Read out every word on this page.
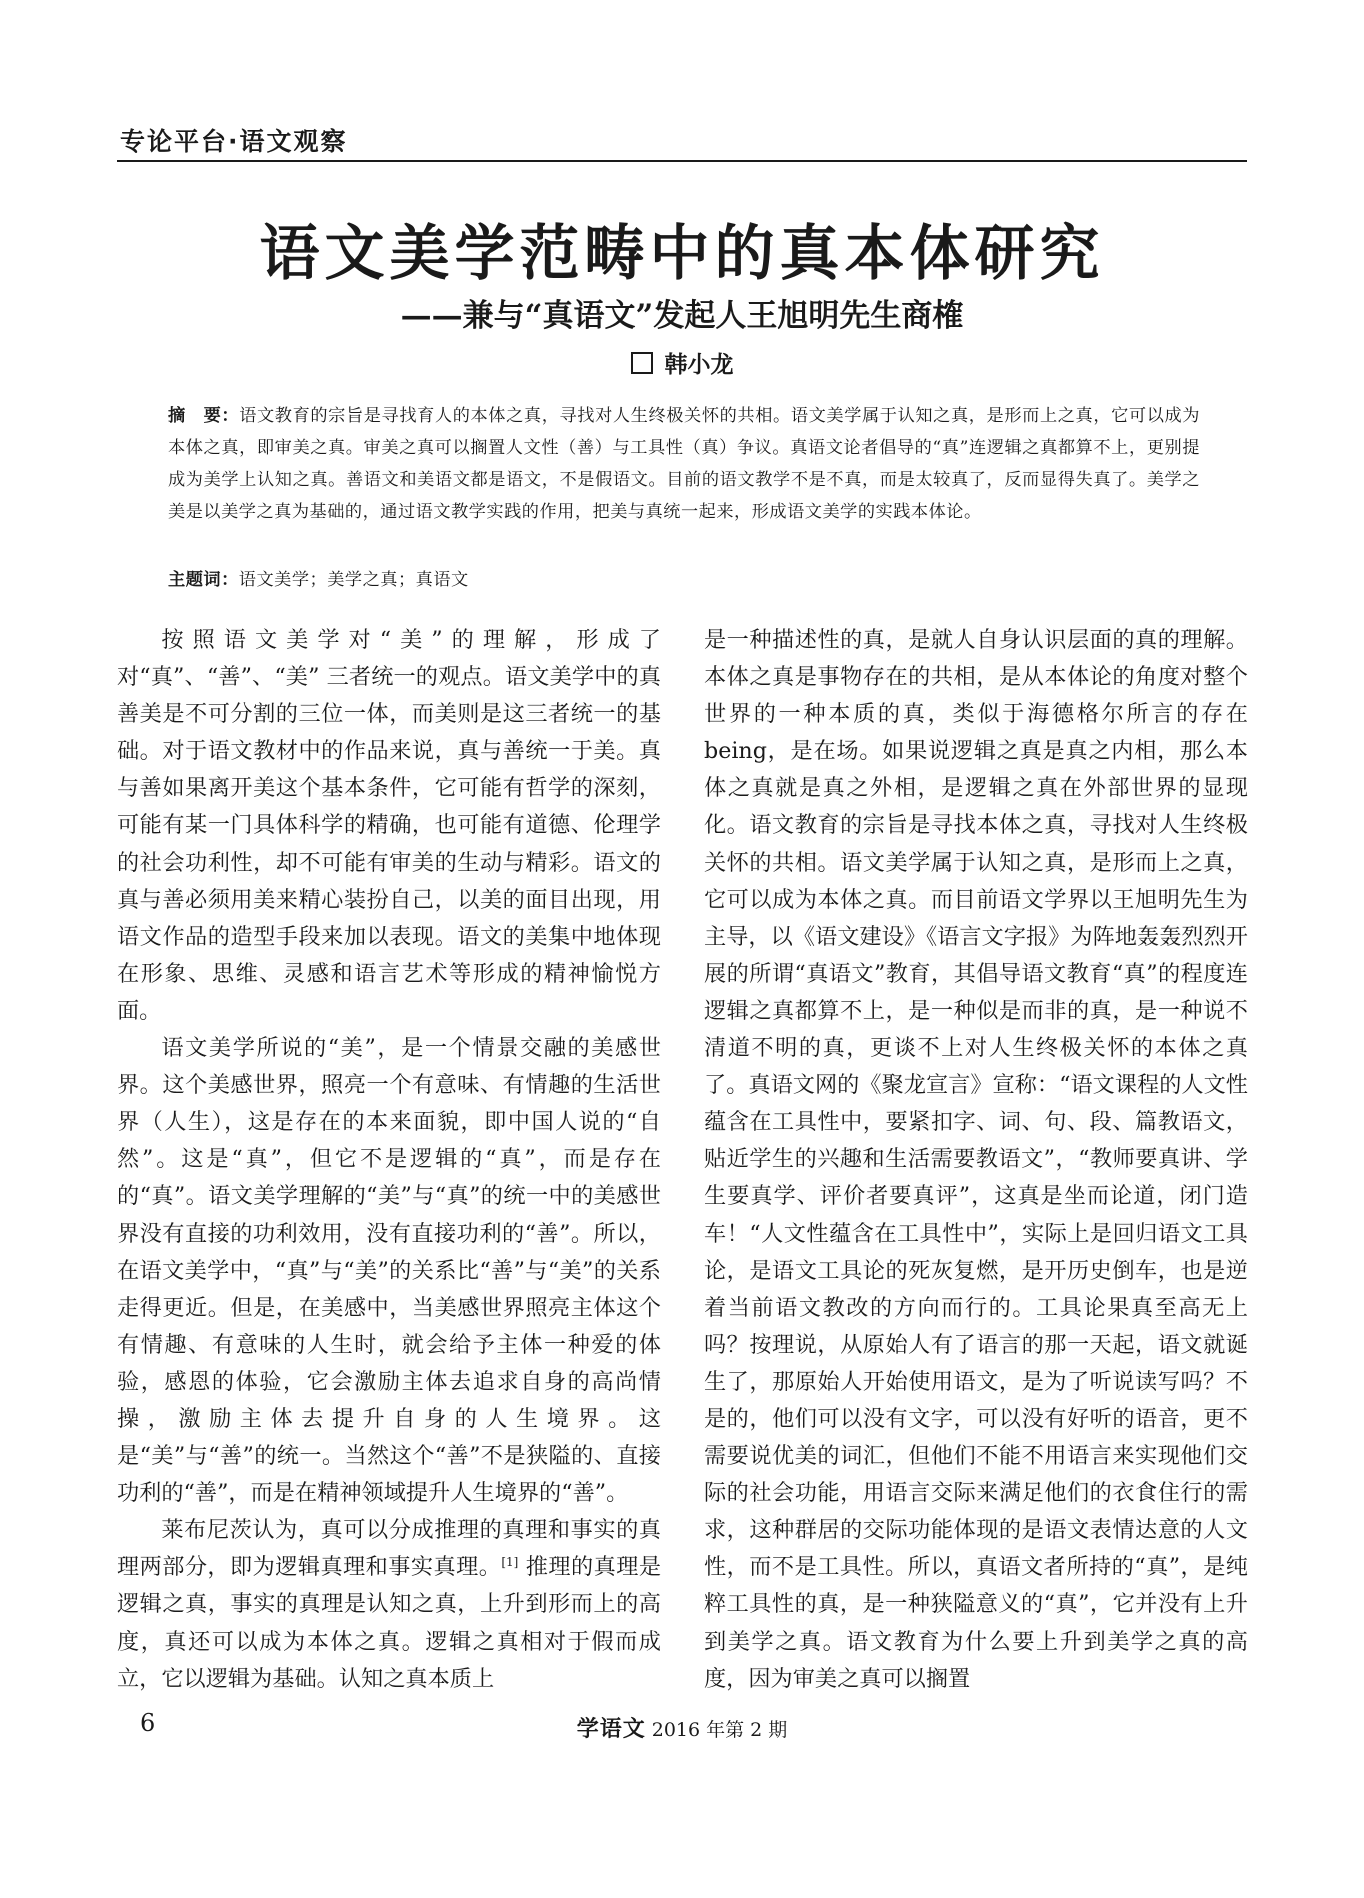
专论平台·语文观察
语文美学范畴中的真本体研究
——兼与“真语文”发起人王旭明先生商榷
韩小龙
摘　要：语文教育的宗旨是寻找育人的本体之真，寻找对人生终极关怀的共相。语文美学属于认知之真，是形而上之真，它可以成为本体之真，即审美之真。审美之真可以搁置人文性（善）与工具性（真）争议。真语文论者倡导的“真”连逻辑之真都算不上，更别提成为美学上认知之真。善语文和美语文都是语文，不是假语文。目前的语文教学不是不真，而是太较真了，反而显得失真了。美学之美是以美学之真为基础的，通过语文教学实践的作用，把美与真统一起来，形成语文美学的实践本体论。
主题词：语文美学；美学之真；真语文

按照语文美学对“美”的理解，形成了对“真”、“善”、“美” 三者统一的观点。语文美学中的真善美是不可分割的三位一体，而美则是这三者统一的基础。对于语文教材中的作品来说，真与善统一于美。真与善如果离开美这个基本条件，它可能有哲学的深刻，可能有某一门具体科学的精确，也可能有道德、伦理学的社会功利性，却不可能有审美的生动与精彩。语文的真与善必须用美来精心装扮自己，以美的面目出现，用语文作品的造型手段来加以表现。语文的美集中地体现在形象、思维、灵感和语言艺术等形成的精神愉悦方面。

语文美学所说的“美”，是一个情景交融的美感世界。这个美感世界，照亮一个有意味、有情趣的生活世界（人生），这是存在的本来面貌，即中国人说的“自然”。这是“真”，但它不是逻辑的“真”，而是存在的“真”。语文美学理解的“美”与“真”的统一中的美感世界没有直接的功利效用，没有直接功利的“善”。所以，在语文美学中，“真”与“美”的关系比“善”与“美”的关系走得更近。但是，在美感中，当美感世界照亮主体这个有情趣、有意味的人生时，就会给予主体一种爱的体验，感恩的体验，它会激励主体去追求自身的高尚情操，激励主体去提升自身的人生境界。这是“美”与“善”的统一。当然这个“善”不是狭隘的、直接功利的“善”，而是在精神领域提升人生境界的“善”。

莱布尼茨认为，真可以分成推理的真理和事实的真理两部分，即为逻辑真理和事实真理。[1] 推理的真理是逻辑之真，事实的真理是认知之真，上升到形而上的高度，真还可以成为本体之真。逻辑之真相对于假而成立，它以逻辑为基础。认知之真本质上

是一种描述性的真，是就人自身认识层面的真的理解。本体之真是事物存在的共相，是从本体论的角度对整个世界的一种本质的真，类似于海德格尔所言的存在 being，是在场。如果说逻辑之真是真之内相，那么本体之真就是真之外相，是逻辑之真在外部世界的显现化。语文教育的宗旨是寻找本体之真，寻找对人生终极关怀的共相。语文美学属于认知之真，是形而上之真，它可以成为本体之真。而目前语文学界以王旭明先生为主导，以《语文建设》《语言文字报》为阵地轰轰烈烈开展的所谓“真语文”教育，其倡导语文教育“真”的程度连逻辑之真都算不上，是一种似是而非的真，是一种说不清道不明的真，更谈不上对人生终极关怀的本体之真了。真语文网的《聚龙宣言》宣称：“语文课程的人文性蕴含在工具性中，要紧扣字、词、句、段、篇教语文，贴近学生的兴趣和生活需要教语文”，“教师要真讲、学生要真学、评价者要真评”，这真是坐而论道，闭门造车！“人文性蕴含在工具性中”，实际上是回归语文工具论，是语文工具论的死灰复燃，是开历史倒车，也是逆着当前语文教改的方向而行的。工具论果真至高无上吗？按理说，从原始人有了语言的那一天起，语文就诞生了，那原始人开始使用语文，是为了听说读写吗？不是的，他们可以没有文字，可以没有好听的语音，更不需要说优美的词汇，但他们不能不用语言来实现他们交际的社会功能，用语言交际来满足他们的衣食住行的需求，这种群居的交际功能体现的是语文表情达意的人文性，而不是工具性。所以，真语文者所持的“真”，是纯粹工具性的真，是一种狭隘意义的“真”，它并没有上升到美学之真。语文教育为什么要上升到美学之真的高度，因为审美之真可以搁置

6	学语文 2016 年第 2 期
